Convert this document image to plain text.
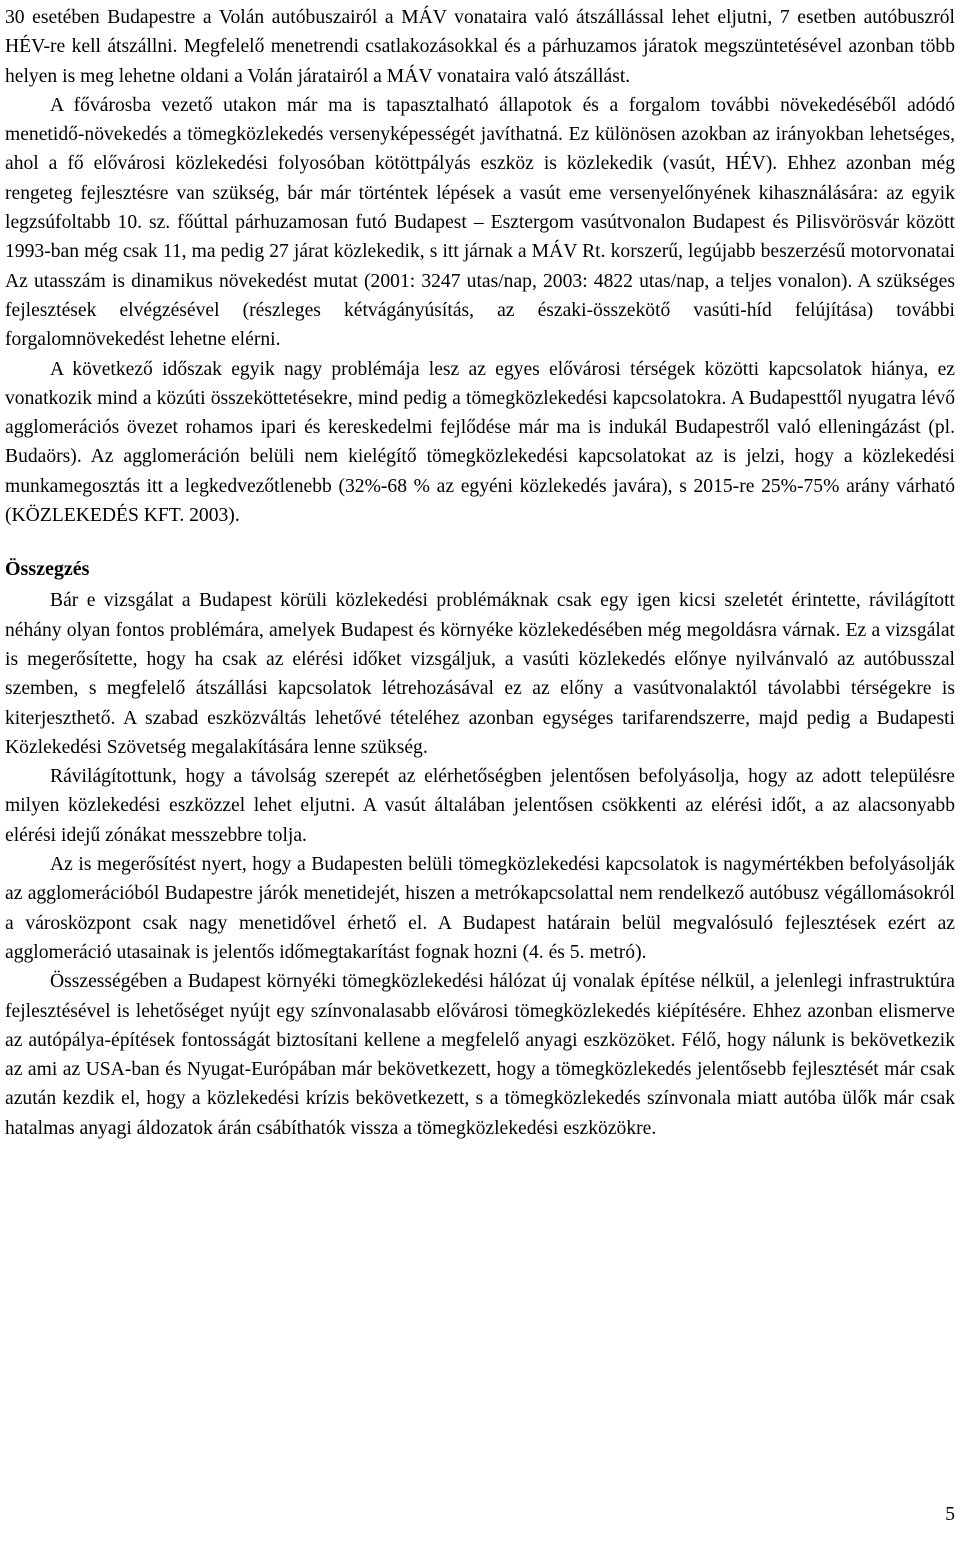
30 esetében Budapestre a Volán autóbuszairól a MÁV vonataira való átszállással lehet eljutni, 7 esetben autóbuszról HÉV-re kell átszállni. Megfelelő menetrendi csatlakozásokkal és a párhuzamos járatok megszüntetésével azonban több helyen is meg lehetne oldani a Volán járatairól a MÁV vonataira való átszállást.

A fővárosba vezető utakon már ma is tapasztalható állapotok és a forgalom további növekedéséből adódó menetidő-növekedés a tömegközlekedés versenyképességét javíthatná. Ez különösen azokban az irányokban lehetséges, ahol a fő elővárosi közlekedési folyosóban kötöttpályás eszköz is közlekedik (vasút, HÉV). Ehhez azonban még rengeteg fejlesztésre van szükség, bár már történtek lépések a vasút eme versenyelőnyének kihasználására: az egyik legzsúfoltabb 10. sz. főúttal párhuzamosan futó Budapest – Esztergom vasútvonalon Budapest és Pilisvörösvár között 1993-ban még csak 11, ma pedig 27 járat közlekedik, s itt járnak a MÁV Rt. korszerű, legújabb beszerzésű motorvonatai Az utasszám is dinamikus növekedést mutat (2001: 3247 utas/nap, 2003: 4822 utas/nap, a teljes vonalon). A szükséges fejlesztések elvégzésével (részleges kétvágányúsítás, az északi-összekötő vasúti-híd felújítása) további forgalomnövekedést lehetne elérni.

A következő időszak egyik nagy problémája lesz az egyes elővárosi térségek közötti kapcsolatok hiánya, ez vonatkozik mind a közúti összeköttetésekre, mind pedig a tömegközlekedési kapcsolatokra. A Budapesttől nyugatra lévő agglomerációs övezet rohamos ipari és kereskedelmi fejlődése már ma is indukál Budapestről való elleningázást (pl. Budaörs). Az agglomeráción belüli nem kielégítő tömegközlekedési kapcsolatokat az is jelzi, hogy a közlekedési munkamegosztás itt a legkedvezőtlenebb (32%-68 % az egyéni közlekedés javára), s 2015-re 25%-75% arány várható (KÖZLEKEDÉS KFT. 2003).

Összegzés

Bár e vizsgálat a Budapest körüli közlekedési problémáknak csak egy igen kicsi szeletét érintette, rávilágított néhány olyan fontos problémára, amelyek Budapest és környéke közlekedésében még megoldásra várnak. Ez a vizsgálat is megerősítette, hogy ha csak az elérési időket vizsgáljuk, a vasúti közlekedés előnye nyilvánvaló az autóbusszal szemben, s megfelelő átszállási kapcsolatok létrehozásával ez az előny a vasútvonalaktól távolabbi térségekre is kiterjeszthető. A szabad eszközváltás lehetővé tételéhez azonban egységes tarifarendszerre, majd pedig a Budapesti Közlekedési Szövetség megalakítására lenne szükség.

Rávilágítottunk, hogy a távolság szerepét az elérhetőségben jelentősen befolyásolja, hogy az adott településre milyen közlekedési eszközzel lehet eljutni. A vasút általában jelentősen csökkenti az elérési időt, a az alacsonyabb elérési idejű zónákat messzebbre tolja.

Az is megerősítést nyert, hogy a Budapesten belüli tömegközlekedési kapcsolatok is nagymértékben befolyásolják az agglomerációból Budapestre járók menetidejét, hiszen a metrókapcsolattal nem rendelkező autóbusz végállomásokról a városközpont csak nagy menetidővel érhető el. A Budapest határain belül megvalósuló fejlesztések ezért az agglomeráció utasainak is jelentős időmegtakarítást fognak hozni (4. és 5. metró).

Összességében a Budapest környéki tömegközlekedési hálózat új vonalak építése nélkül, a jelenlegi infrastruktúra fejlesztésével is lehetőséget nyújt egy színvonalasabb elővárosi tömegközlekedés kiépítésére. Ehhez azonban elismerve az autópálya-építések fontosságát biztosítani kellene a megfelelő anyagi eszközöket. Félő, hogy nálunk is bekövetkezik az ami az USA-ban és Nyugat-Európában már bekövetkezett, hogy a tömegközlekedés jelentősebb fejlesztését már csak azután kezdik el, hogy a közlekedési krízis bekövetkezett, s a tömegközlekedés színvonala miatt autóba ülők már csak hatalmas anyagi áldozatok árán csábíthatók vissza a tömegközlekedési eszközökre.

5
